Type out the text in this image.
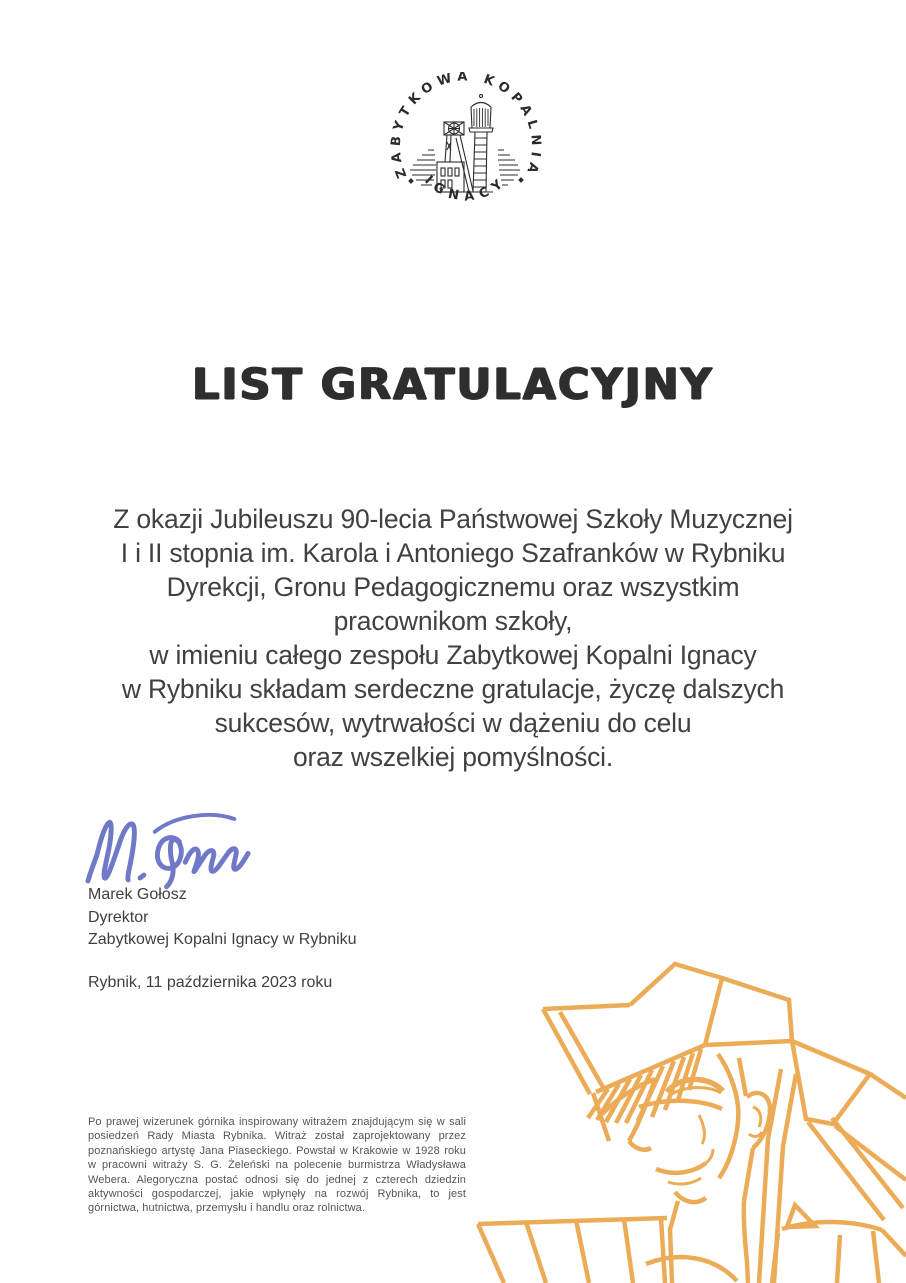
ZABYTKOWA KOPALNIA
IGNACY
LIST GRATULACYJNY
Z okazji Jubileuszu 90-lecia Państwowej Szkoły Muzycznej
I i II stopnia im. Karola i Antoniego Szafranków w Rybniku
Dyrekcji, Gronu Pedagogicznemu oraz wszystkim
pracownikom szkoły,
w imieniu całego zespołu Zabytkowej Kopalni Ignacy
w Rybniku składam serdeczne gratulacje, życzę dalszych
sukcesów, wytrwałości w dążeniu do celu
oraz wszelkiej pomyślności.
Marek Gołosz
Dyrektor
Zabytkowej Kopalni Ignacy w Rybniku
Rybnik, 11 października 2023 roku
Po prawej wizerunek górnika inspirowany witrażem znajdującym się w sali posiedzeń Rady Miasta Rybnika. Witraż został zaprojektowany przez poznańskiego artystę Jana Piaseckiego. Powstał w Krakowie w 1928 roku w pracowni witraży S. G. Żeleński na polecenie burmistrza Władysława Webera. Alegoryczna postać odnosi się do jednej z czterech dziedzin aktywności gospodarczej, jakie wpłynęły na rozwój Rybnika, to jest górnictwa, hutnictwa, przemysłu i handlu oraz rolnictwa.
